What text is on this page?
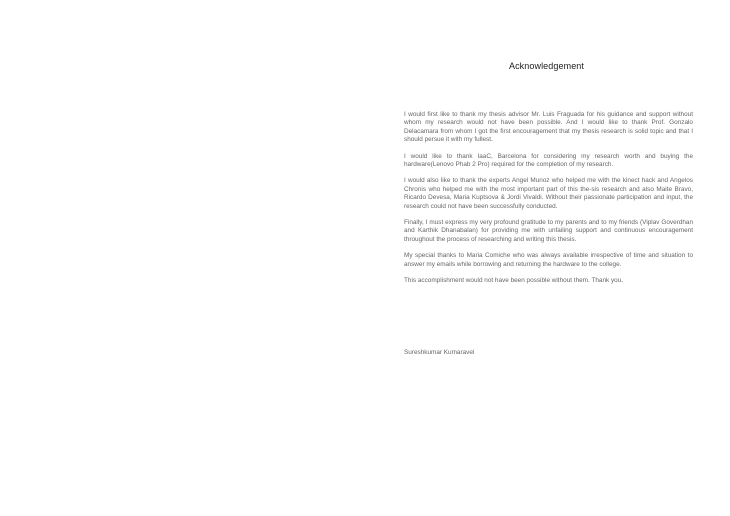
Acknowledgement

I would first like to thank my thesis advisor Mr. Luis Fraguada for his guidance and support without whom my research would not have been possible. And I would like to thank Prof. Gonzalo Delacamara from whom I got the first encouragement that my thesis research is solid topic and that I should persue it with my fullest.

I would like to thank IaaC, Barcelona for considering my research worth and buying the hardware(Lenovo Phab 2 Pro) required for the completion of my research.

I would also like to thank the experts Angel Munoz who helped me with the kinect hack and Angelos Chronis who helped me with the most important part of this the-sis research and also Maite Bravo, Ricardo Devesa, Maria Kuptsova & Jordi Vivaldi. Without their passionate participation and input, the research could not have been successfully conducted.

Finally, I must express my very profound gratitude to my parents and to my friends (Viplav Goverdhan and Karthik Dhanabalan) for providing me with unfailing support and continuous encouragement throughout the process of researching and writing this thesis.

My special thanks to Maria Comiche who was always available irrespective of time and situation to answer my emails while borrowing and returning the hardware to the college.

This accomplishment would not have been possible without them. Thank you.

Sureshkumar Kumaravel
